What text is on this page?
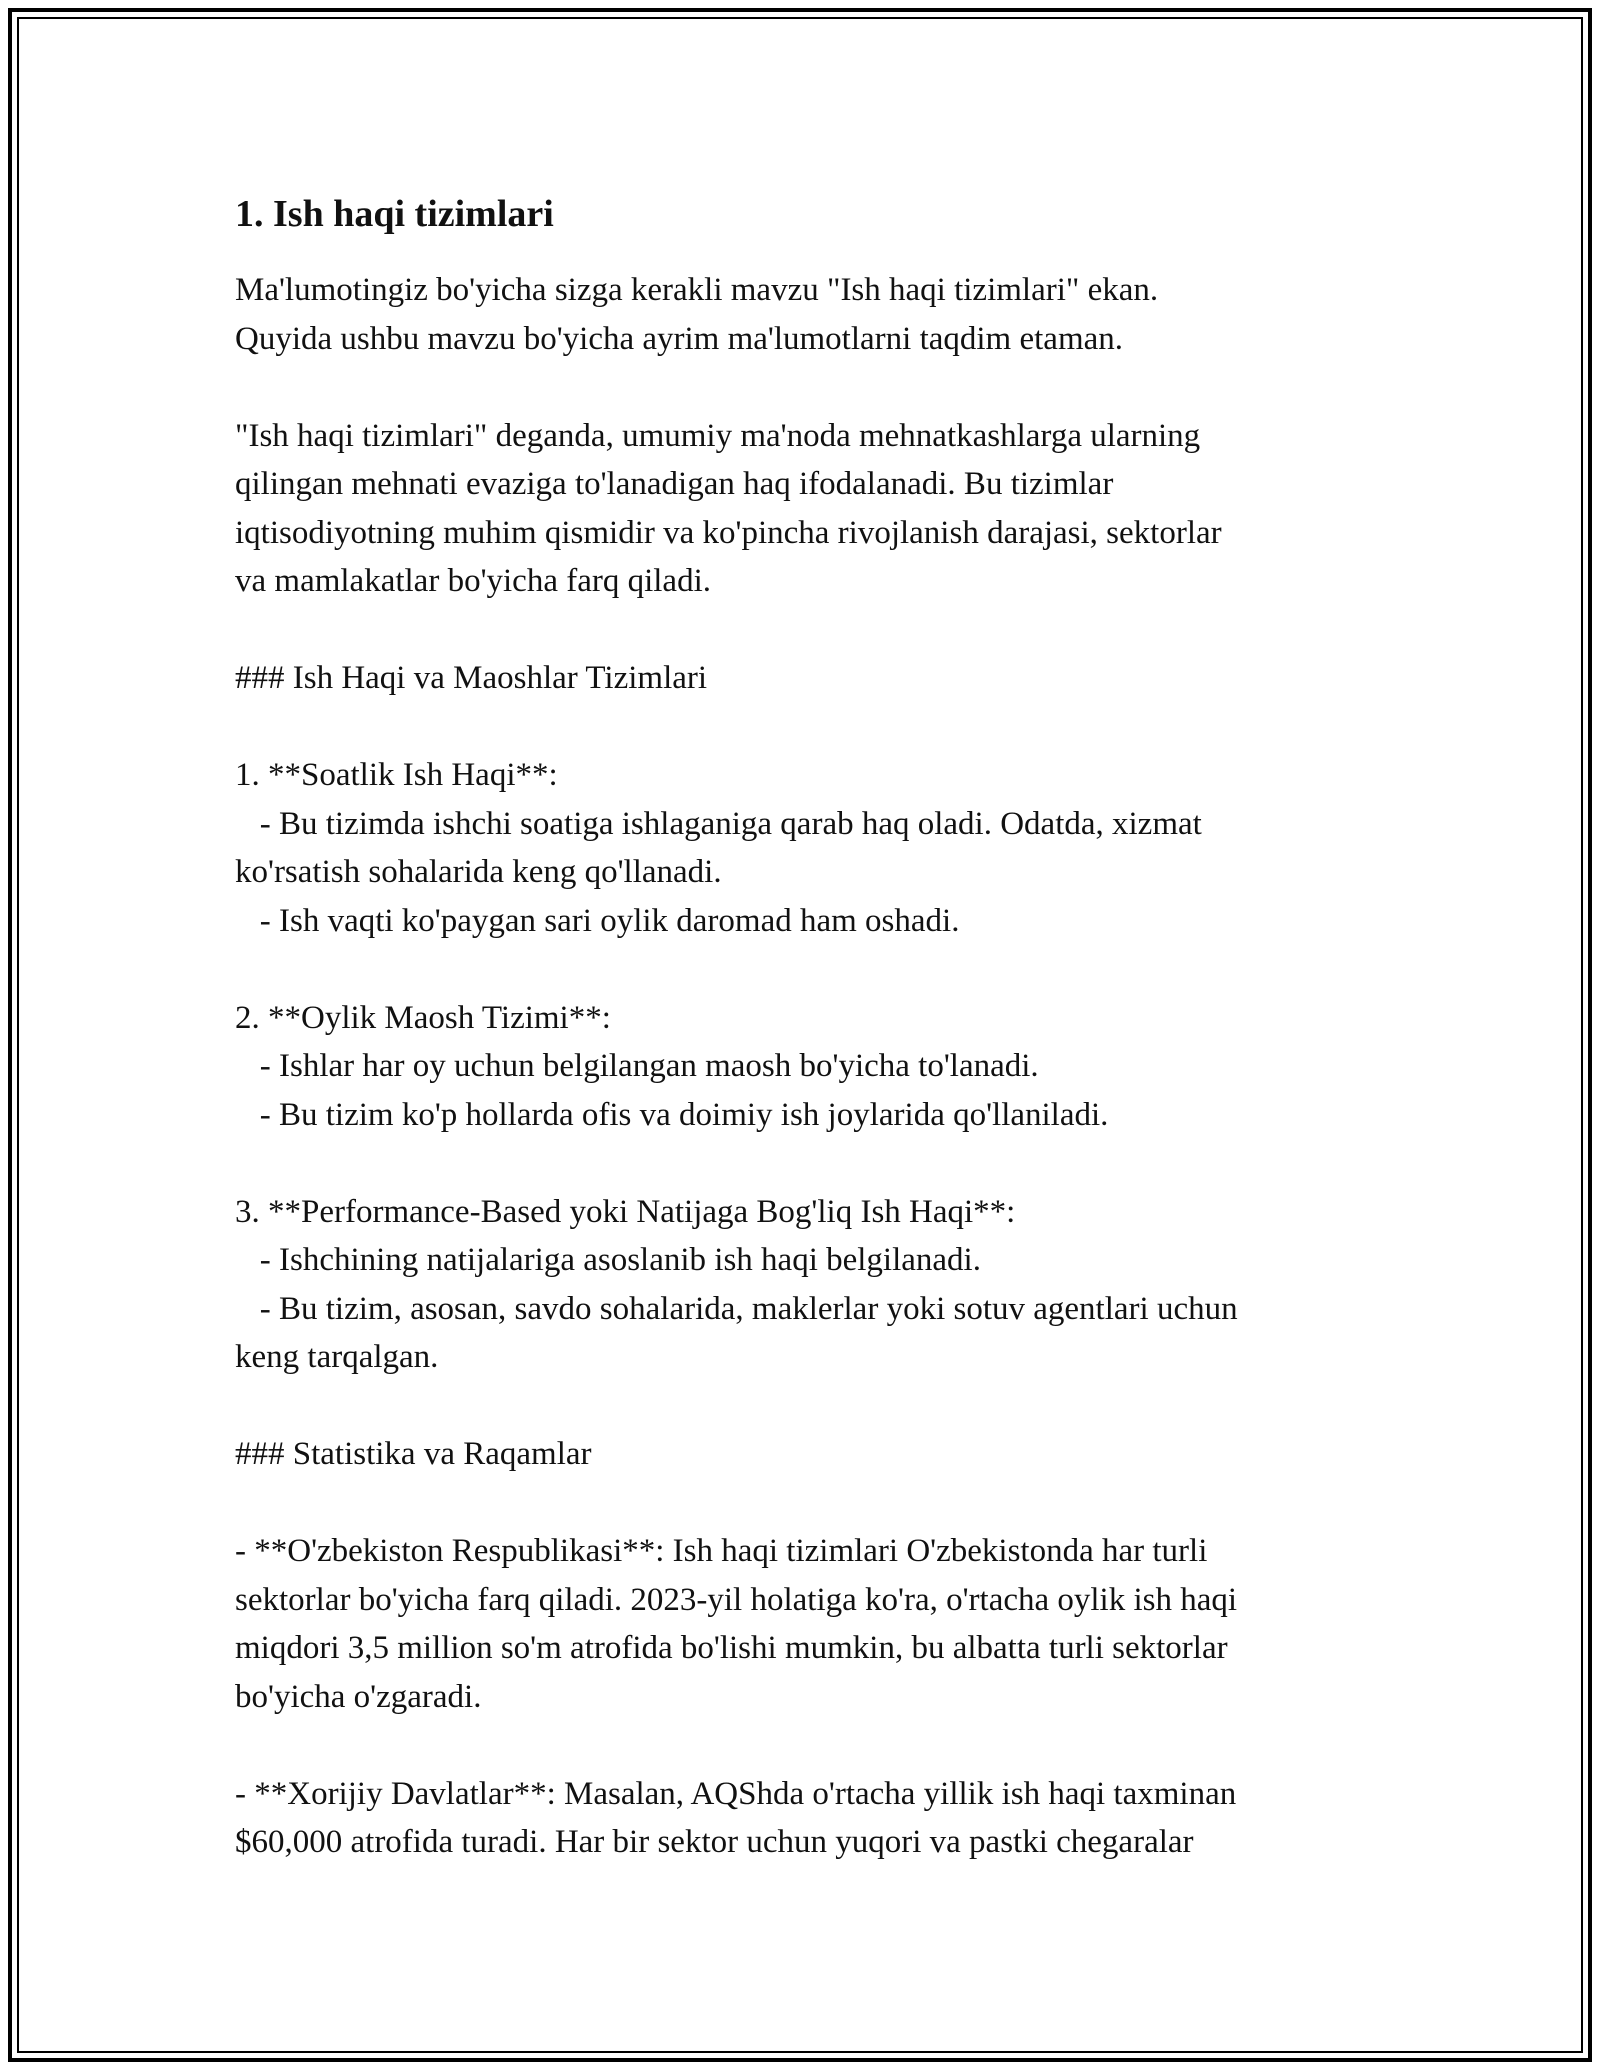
1. Ish haqi tizimlari
Ma'lumotingiz bo'yicha sizga kerakli mavzu "Ish haqi tizimlari" ekan.
Quyida ushbu mavzu bo'yicha ayrim ma'lumotlarni taqdim etaman.
"Ish haqi tizimlari" deganda, umumiy ma'noda mehnatkashlarga ularning
qilingan mehnati evaziga to'lanadigan haq ifodalanadi. Bu tizimlar
iqtisodiyotning muhim qismidir va ko'pincha rivojlanish darajasi, sektorlar
va mamlakatlar bo'yicha farq qiladi.
### Ish Haqi va Maoshlar Tizimlari
1. **Soatlik Ish Haqi**:
- Bu tizimda ishchi soatiga ishlaganiga qarab haq oladi. Odatda, xizmat
ko'rsatish sohalarida keng qo'llanadi.
- Ish vaqti ko'paygan sari oylik daromad ham oshadi.
2. **Oylik Maosh Tizimi**:
- Ishlar har oy uchun belgilangan maosh bo'yicha to'lanadi.
- Bu tizim ko'p hollarda ofis va doimiy ish joylarida qo'llaniladi.
3. **Performance-Based yoki Natijaga Bog'liq Ish Haqi**:
- Ishchining natijalariga asoslanib ish haqi belgilanadi.
- Bu tizim, asosan, savdo sohalarida, maklerlar yoki sotuv agentlari uchun
keng tarqalgan.
### Statistika va Raqamlar
- **O'zbekiston Respublikasi**: Ish haqi tizimlari O'zbekistonda har turli
sektorlar bo'yicha farq qiladi. 2023-yil holatiga ko'ra, o'rtacha oylik ish haqi
miqdori 3,5 million so'm atrofida bo'lishi mumkin, bu albatta turli sektorlar
bo'yicha o'zgaradi.
- **Xorijiy Davlatlar**: Masalan, AQShda o'rtacha yillik ish haqi taxminan
$60,000 atrofida turadi. Har bir sektor uchun yuqori va pastki chegaralar
